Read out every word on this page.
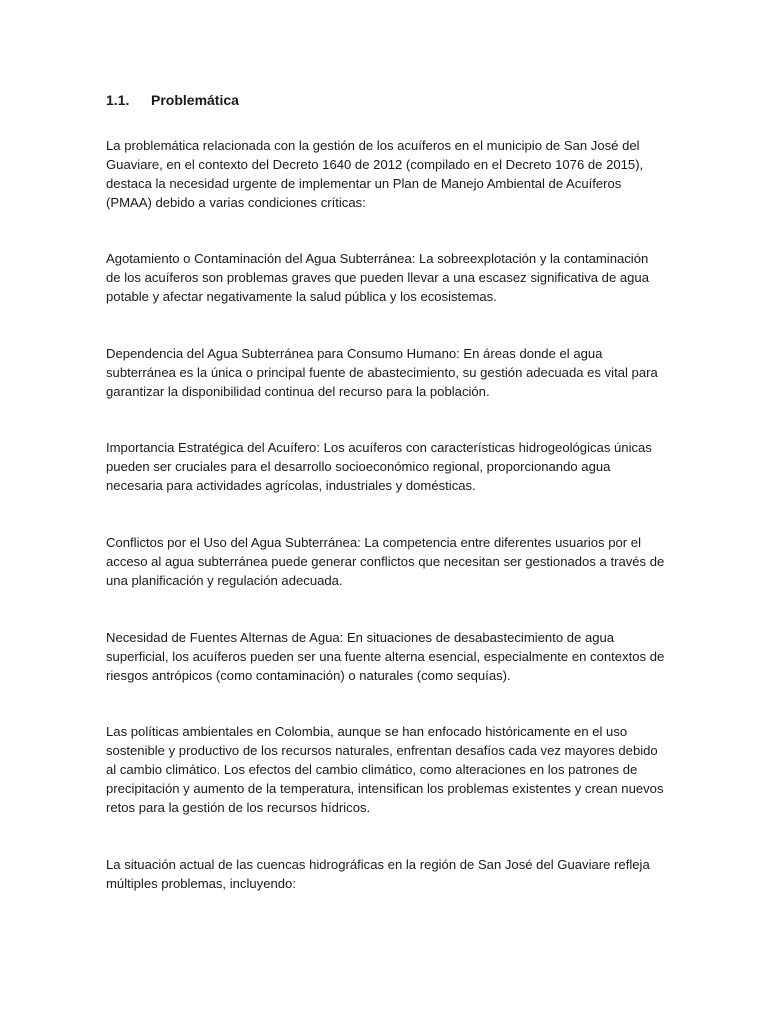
1.1. Problemática

La problemática relacionada con la gestión de los acuíferos en el municipio de San José del Guaviare, en el contexto del Decreto 1640 de 2012 (compilado en el Decreto 1076 de 2015), destaca la necesidad urgente de implementar un Plan de Manejo Ambiental de Acuíferos (PMAA) debido a varias condiciones críticas:

Agotamiento o Contaminación del Agua Subterránea: La sobreexplotación y la contaminación de los acuíferos son problemas graves que pueden llevar a una escasez significativa de agua potable y afectar negativamente la salud pública y los ecosistemas.

Dependencia del Agua Subterránea para Consumo Humano: En áreas donde el agua subterránea es la única o principal fuente de abastecimiento, su gestión adecuada es vital para garantizar la disponibilidad continua del recurso para la población.

Importancia Estratégica del Acuífero: Los acuíferos con características hidrogeológicas únicas pueden ser cruciales para el desarrollo socioeconómico regional, proporcionando agua necesaria para actividades agrícolas, industriales y domésticas.

Conflictos por el Uso del Agua Subterránea: La competencia entre diferentes usuarios por el acceso al agua subterránea puede generar conflictos que necesitan ser gestionados a través de una planificación y regulación adecuada.

Necesidad de Fuentes Alternas de Agua: En situaciones de desabastecimiento de agua superficial, los acuíferos pueden ser una fuente alterna esencial, especialmente en contextos de riesgos antrópicos (como contaminación) o naturales (como sequías).

Las políticas ambientales en Colombia, aunque se han enfocado históricamente en el uso sostenible y productivo de los recursos naturales, enfrentan desafíos cada vez mayores debido al cambio climático. Los efectos del cambio climático, como alteraciones en los patrones de precipitación y aumento de la temperatura, intensifican los problemas existentes y crean nuevos retos para la gestión de los recursos hídricos.

La situación actual de las cuencas hidrográficas en la región de San José del Guaviare refleja múltiples problemas, incluyendo:
